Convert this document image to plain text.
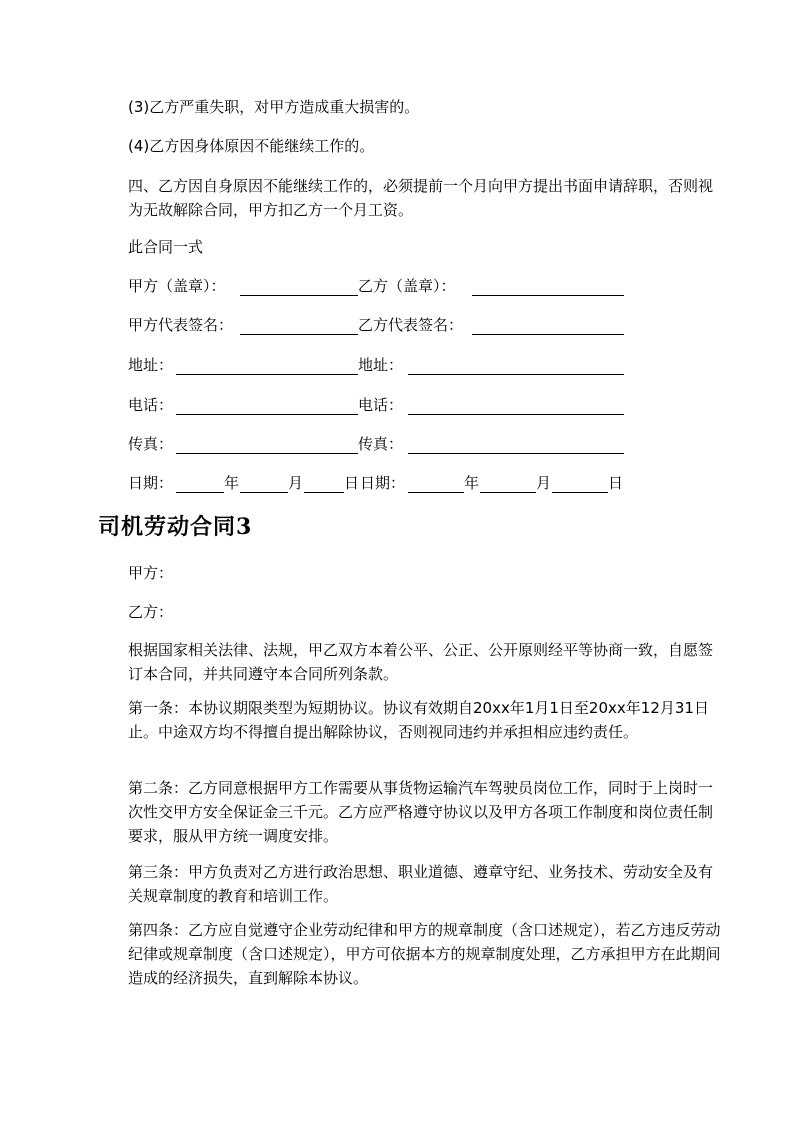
(3)乙方严重失职，对甲方造成重大损害的。
(4)乙方因身体原因不能继续工作的。
四、乙方因自身原因不能继续工作的，必须提前一个月向甲方提出书面申请辞职，否则视为无故解除合同，甲方扣乙方一个月工资。
此合同一式
甲方（盖章）：	乙方（盖章）：
甲方代表签名：	乙方代表签名：
地址：	地址：
电话：	电话：
传真：	传真：
日期：	年	月	日 日期：	年	月	日
司机劳动合同3
甲方：
乙方：
根据国家相关法律、法规，甲乙双方本着公平、公正、公开原则经平等协商一致，自愿签订本合同，并共同遵守本合同所列条款。
第一条：本协议期限类型为短期协议。协议有效期自20xx年1月1日至20xx年12月31日止。中途双方均不得擅自提出解除协议，否则视同违约并承担相应违约责任。
第二条：乙方同意根据甲方工作需要从事货物运输汽车驾驶员岗位工作，同时于上岗时一次性交甲方安全保证金三千元。乙方应严格遵守协议以及甲方各项工作制度和岗位责任制要求，服从甲方统一调度安排。
第三条：甲方负责对乙方进行政治思想、职业道德、遵章守纪、业务技术、劳动安全及有关规章制度的教育和培训工作。
第四条：乙方应自觉遵守企业劳动纪律和甲方的规章制度（含口述规定），若乙方违反劳动纪律或规章制度（含口述规定），甲方可依据本方的规章制度处理，乙方承担甲方在此期间造成的经济损失，直到解除本协议。
